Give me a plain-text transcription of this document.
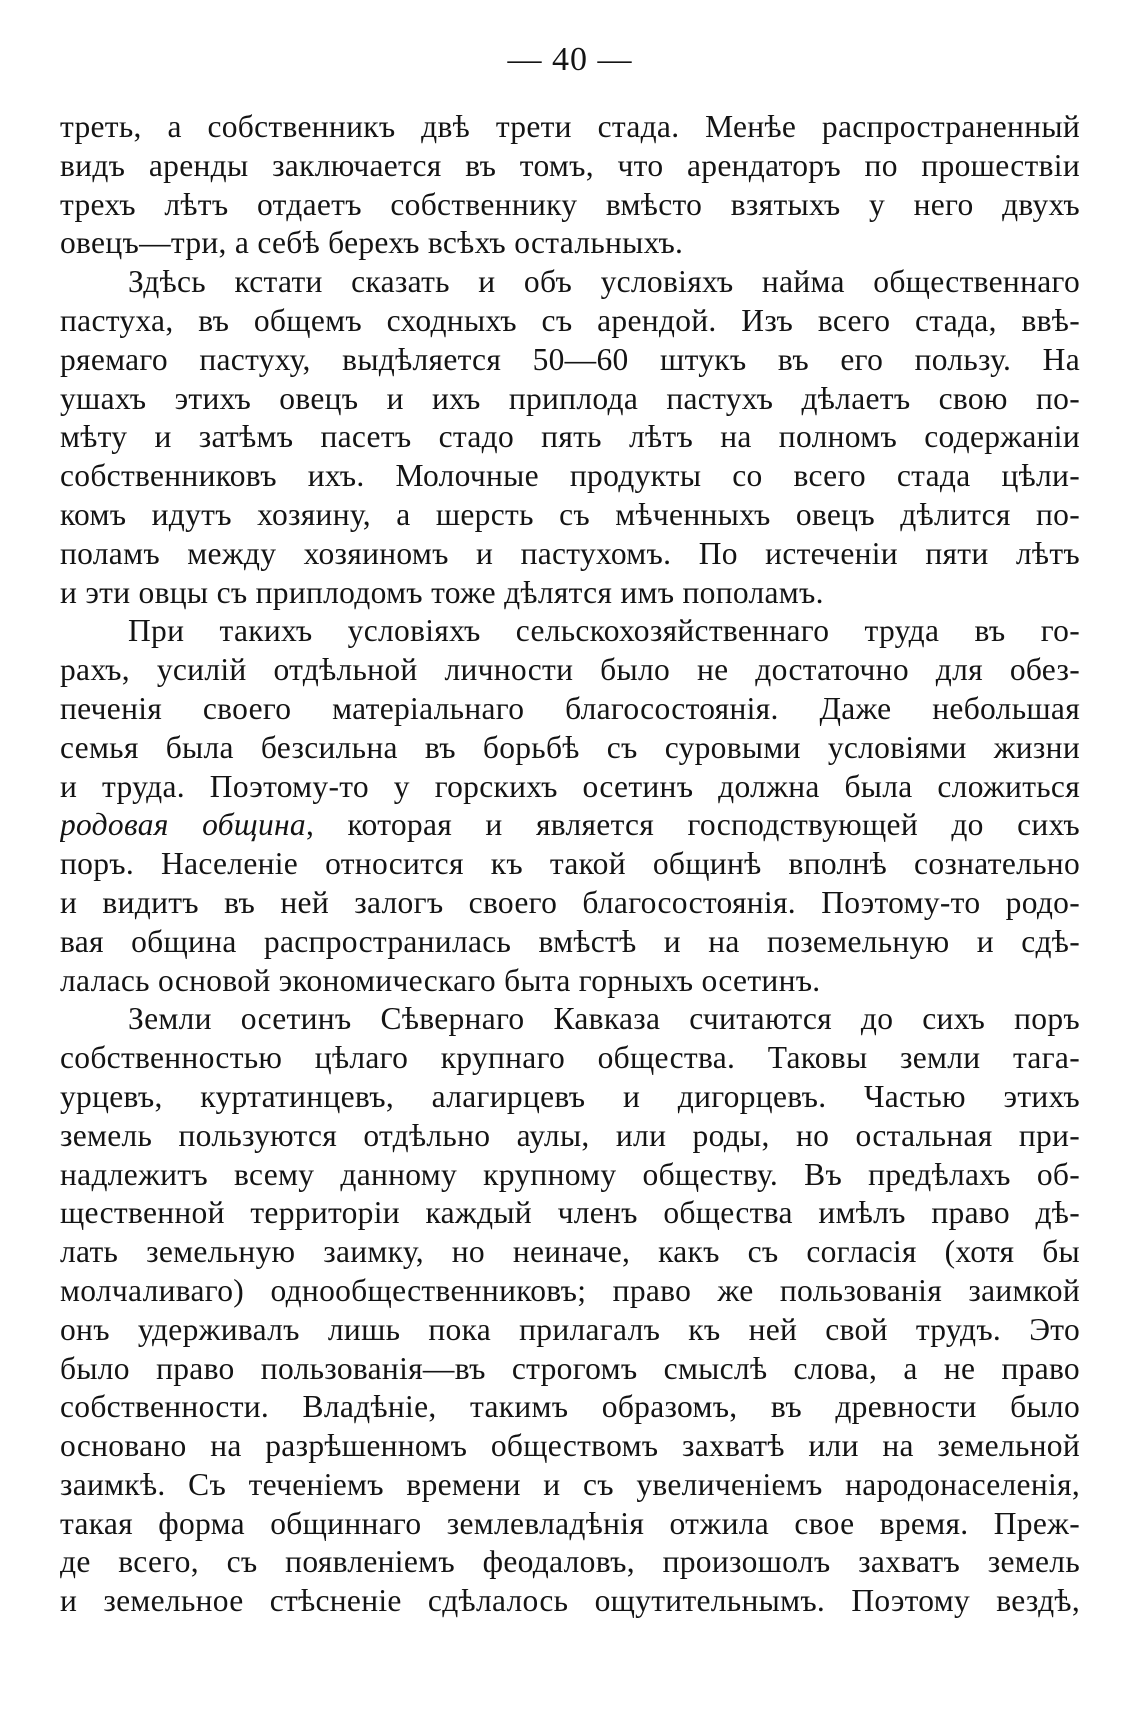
— 40 —
треть, а собственникъ двѣ трети стада. Менѣе распространенный
видъ аренды заключается въ томъ, что арендаторъ по прошествіи
трехъ лѣтъ отдаетъ собственнику вмѣсто взятыхъ у него двухъ
овецъ—три, а себѣ берехъ всѣхъ остальныхъ.
Здѣсь кстати сказать и объ условіяхъ найма общественнаго
пастуха, въ общемъ сходныхъ съ арендой. Изъ всего стада, ввѣ-
ряемаго пастуху, выдѣляется 50—60 штукъ въ его пользу. На
ушахъ этихъ овецъ и ихъ приплода пастухъ дѣлаетъ свою по-
мѣту и затѣмъ пасетъ стадо пять лѣтъ на полномъ содержаніи
собственниковъ ихъ. Молочные продукты со всего стада цѣли-
комъ идутъ хозяину, а шерсть съ мѣченныхъ овецъ дѣлится по-
поламъ между хозяиномъ и пастухомъ. По истеченіи пяти лѣтъ
и эти овцы съ приплодомъ тоже дѣлятся имъ пополамъ.
При такихъ условіяхъ сельскохозяйственнаго труда въ го-
рахъ, усилій отдѣльной личности было не достаточно для обез-
печенія своего матеріальнаго благосостоянія. Даже небольшая
семья была безсильна въ борьбѣ съ суровыми условіями жизни
и труда. Поэтому-то у горскихъ осетинъ должна была сложиться
родовая община, которая и является господствующей до сихъ
поръ. Населеніе относится къ такой общинѣ вполнѣ сознательно
и видитъ въ ней залогъ своего благосостоянія. Поэтому-то родо-
вая община распространилась вмѣстѣ и на поземельную и сдѣ-
лалась основой экономическаго быта горныхъ осетинъ.
Земли осетинъ Сѣвернаго Кавказа считаются до сихъ поръ
собственностью цѣлаго крупнаго общества. Таковы земли тага-
урцевъ, куртатинцевъ, алагирцевъ и дигорцевъ. Частью этихъ
земель пользуются отдѣльно аулы, или роды, но остальная при-
надлежитъ всему данному крупному обществу. Въ предѣлахъ об-
щественной территоріи каждый членъ общества имѣлъ право дѣ-
лать земельную заимку, но неиначе, какъ съ согласія (хотя бы
молчаливаго) однообщественниковъ; право же пользованія заимкой
онъ удерживалъ лишь пока прилагалъ къ ней свой трудъ. Это
было право пользованія—въ строгомъ смыслѣ слова, а не право
собственности. Владѣніе, такимъ образомъ, въ древности было
основано на разрѣшенномъ обществомъ захватѣ или на земельной
заимкѣ. Съ теченіемъ времени и съ увеличеніемъ народонаселенія,
такая форма общиннаго землевладѣнія отжила свое время. Преж-
де всего, съ появленіемъ феодаловъ, произошолъ захватъ земель
и земельное стѣсненіе сдѣлалось ощутительнымъ. Поэтому вездѣ,
